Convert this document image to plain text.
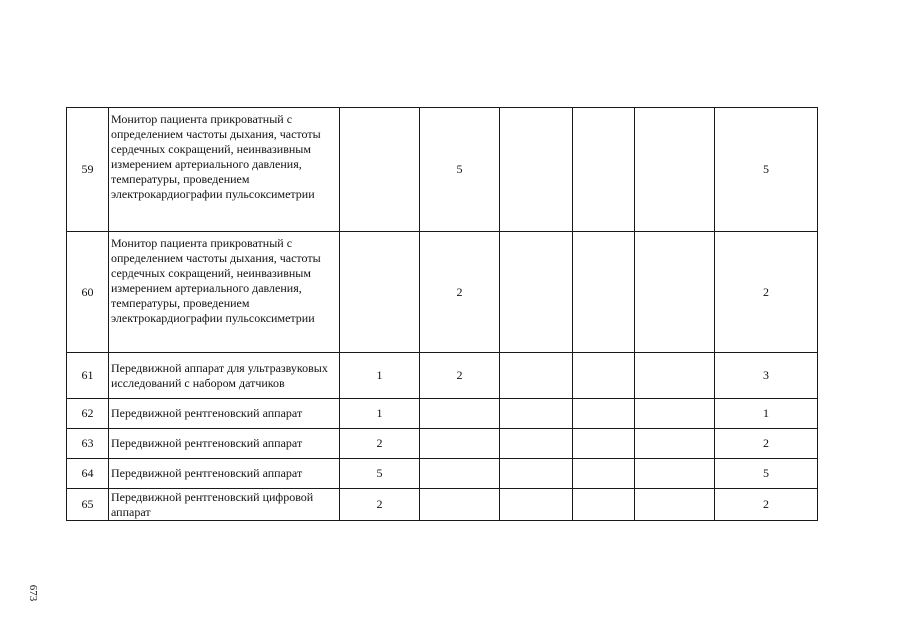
59	Монитор пациента прикроватный с определением частоты дыхания, частоты сердечных сокращений, неинвазивным измерением артериального давления, температуры, проведением электрокардиографии пульсоксиметрии		5				5
60	Монитор пациента прикроватный с определением частоты дыхания, частоты сердечных сокращений, неинвазивным измерением артериального давления, температуры, проведением электрокардиографии пульсоксиметрии		2				2
61	Передвижной аппарат для ультразвуковых исследований с набором датчиков	1	2				3
62	Передвижной рентгеновский аппарат	1					1
63	Передвижной рентгеновский аппарат	2					2
64	Передвижной рентгеновский аппарат	5					5
65	Передвижной рентгеновский цифровой аппарат	2					2
673
